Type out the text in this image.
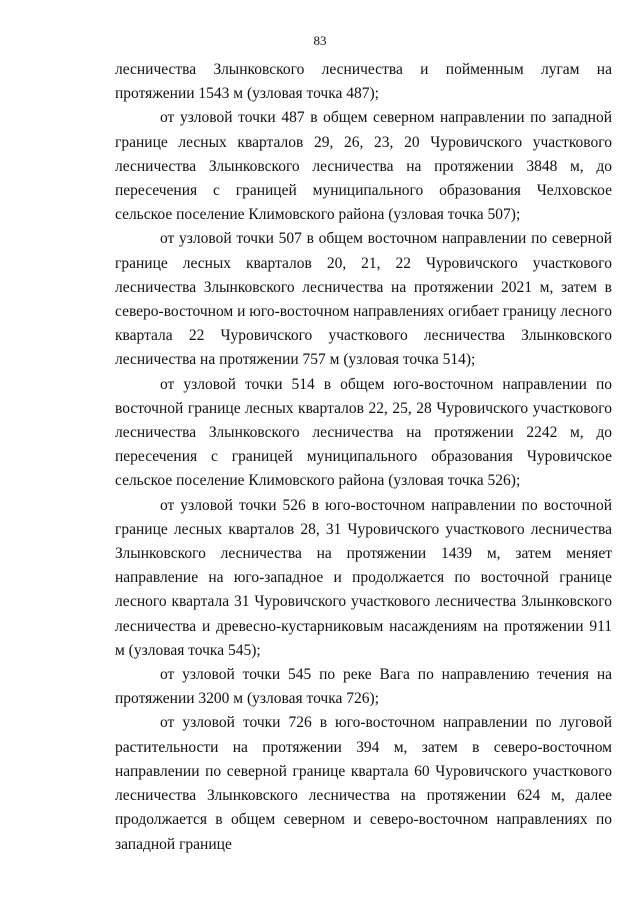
83

лесничества Злынковского лесничества и пойменным лугам на протяжении 1543 м (узловая точка 487);

от узловой точки 487 в общем северном направлении по западной границе лесных кварталов 29, 26, 23, 20 Чуровичского участкового лесничества Злынковского лесничества на протяжении 3848 м, до пересечения с границей муниципального образования Челховское сельское поселение Климовского района (узловая точка 507);

от узловой точки 507 в общем восточном направлении по северной границе лесных кварталов 20, 21, 22 Чуровичского участкового лесничества Злынковского лесничества на протяжении 2021 м, затем в северо-восточном и юго-восточном направлениях огибает границу лесного квартала 22 Чуровичского участкового лесничества Злынковского лесничества на протяжении 757 м (узловая точка 514);

от узловой точки 514 в общем юго-восточном направлении по восточной границе лесных кварталов 22, 25, 28 Чуровичского участкового лесничества Злынковского лесничества на протяжении 2242 м, до пересечения с границей муниципального образования Чуровичское сельское поселение Климовского района (узловая точка 526);

от узловой точки 526 в юго-восточном направлении по восточной границе лесных кварталов 28, 31 Чуровичского участкового лесничества Злынковского лесничества на протяжении 1439 м, затем меняет направление на юго-западное и продолжается по восточной границе лесного квартала 31 Чуровичского участкового лесничества Злынковского лесничества и древесно-кустарниковым насаждениям на протяжении 911 м (узловая точка 545);

от узловой точки 545 по реке Вага по направлению течения на протяжении 3200 м (узловая точка 726);

от узловой точки 726 в юго-восточном направлении по луговой растительности на протяжении 394 м, затем в северо-восточном направлении по северной границе квартала 60 Чуровичского участкового лесничества Злынковского лесничества на протяжении 624 м, далее продолжается в общем северном и северо-восточном направлениях по западной границе
